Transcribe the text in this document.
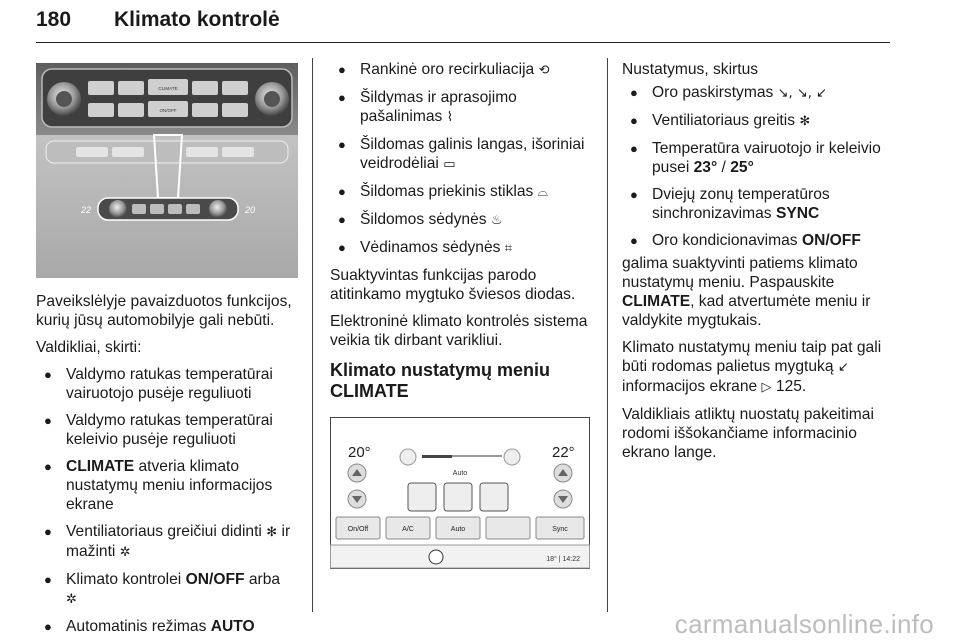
180 Klimato kontrolė
CLIMATE
ON/OFF
22	20

Paveikslėlyje pavaizduotos funkcijos, kurių jūsų automobilyje gali nebūti.

Valdikliai, skirti:

● Valdymo ratukas temperatūrai vairuotojo pusėje reguliuoti
● Valdymo ratukas temperatūrai keleivio pusėje reguliuoti
● CLIMATE atveria klimato nustatymų meniu informacijos ekrane
● Ventiliatoriaus greičiui didinti ✻ ir mažinti ✲
● Klimato kontrolei ON/OFF arba
✲
● Automatinis režimas AUTO
● Rankinė oro recirkuliacija ⟲
● Šildymas ir aprasojimo pašalinimas ⌇
● Šildomas galinis langas, išoriniai veidrodėliai ▭
● Šildomas priekinis stiklas ⌓
● Šildomos sėdynės ♨
● Vėdinamos sėdynės ⌗

Suaktyvintas funkcijas parodo atitinkamo mygtuko šviesos diodas.

Elektroninė klimato kontrolės sistema veikia tik dirbant varikliui.

Klimato nustatymų meniu CLIMATE
20°	22°
Auto
On/Off	A/C	Auto	Sync
18° | 14:22

Nustatymus, skirtus

● Oro paskirstymas ↘, ↘, ↙
● Ventiliatoriaus greitis ✻
● Temperatūra vairuotojo ir keleivio pusei 23° / 25°
● Dviejų zonų temperatūros sinchronizavimas SYNC
● Oro kondicionavimas ON/OFF

galima suaktyvinti patiems klimato nustatymų meniu. Paspauskite CLIMATE, kad atvertumėte meniu ir valdykite mygtukais.

Klimato nustatymų meniu taip pat gali būti rodomas palietus mygtuką ↙ informacijos ekrane ▷ 125.

Valdikliais atliktų nuostatų pakeitimai rodomi iššokančiame informacinio ekrano lange.

carmanualsonline.info
